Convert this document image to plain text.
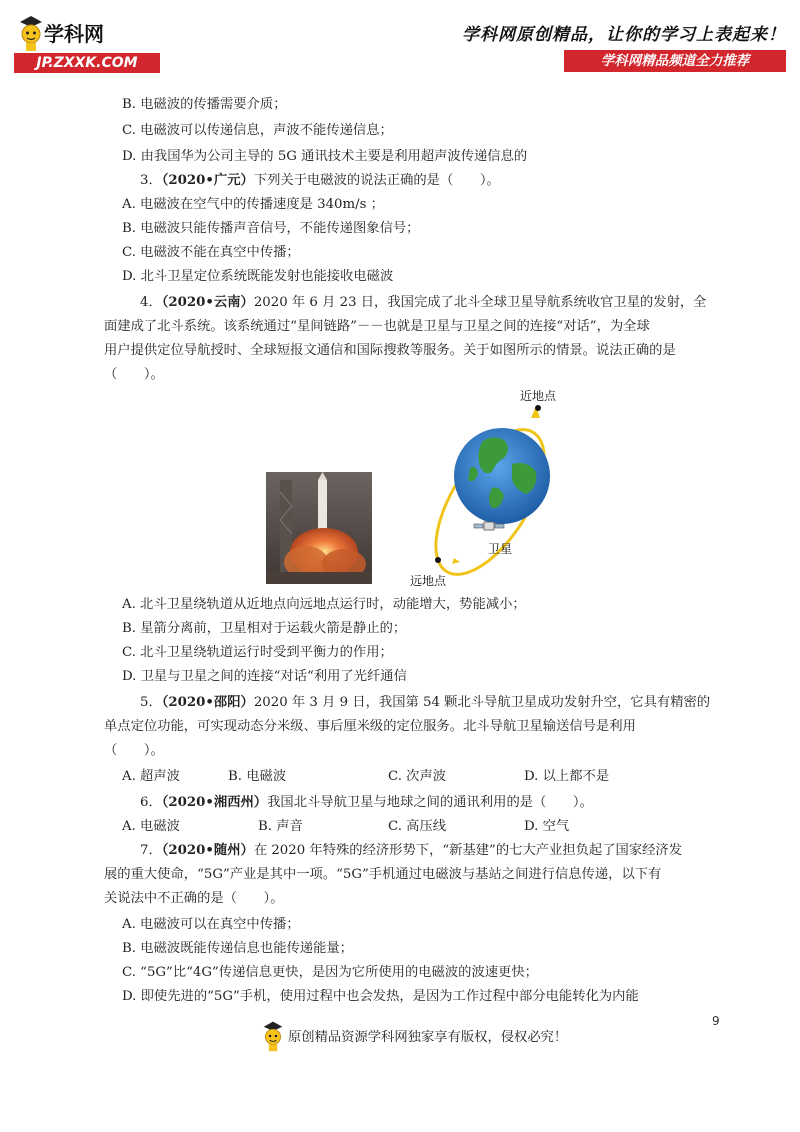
学科网
JP.ZXXK.COM
学科网原创精品，让你的学习上表起来！
学科网精品频道全力推荐
B. 电磁波的传播需要介质；
C. 电磁波可以传递信息，声波不能传递信息；
D. 由我国华为公司主导的 5G 通讯技术主要是利用超声波传递信息的
3．（2020•广元）下列关于电磁波的说法正确的是（　　）。
A. 电磁波在空气中的传播速度是 340m/s ；
B. 电磁波只能传播声音信号，不能传递图象信号；
C. 电磁波不能在真空中传播；
D. 北斗卫星定位系统既能发射也能接收电磁波
4．（2020•云南）2020 年 6 月 23 日，我国完成了北斗全球卫星导航系统收官卫星的发射，全
面建成了北斗系统。该系统通过“星间链路”－－也就是卫星与卫星之间的连接“对话”，为全球
用户提供定位导航授时、全球短报文通信和国际搜救等服务。关于如图所示的情景。说法正确的是
（　　）。
近地点
远地点
卫星
A. 北斗卫星绕轨道从近地点向远地点运行时，动能增大，势能减小；
B. 星箭分离前，卫星相对于运载火箭是静止的；
C. 北斗卫星绕轨道运行时受到平衡力的作用；
D. 卫星与卫星之间的连接“对话“利用了光纤通信
5．（2020•邵阳）2020 年 3 月 9 日，我国第 54 颗北斗导航卫星成功发射升空，它具有精密的
单点定位功能，可实现动态分米级、事后厘米级的定位服务。北斗导航卫星输送信号是利用
（　　）。
A. 超声波	B. 电磁波	C. 次声波	D. 以上都不是
6．（2020•湘西州）我国北斗导航卫星与地球之间的通讯利用的是（　　）。
A. 电磁波	B. 声音	C. 高压线	D. 空气
7．（2020•随州）在 2020 年特殊的经济形势下，“新基建”的七大产业担负起了国家经济发
展的重大使命，“5G”产业是其中一项。“5G”手机通过电磁波与基站之间进行信息传递，以下有
关说法中不正确的是（　　）。
A. 电磁波可以在真空中传播；
B. 电磁波既能传递信息也能传递能量；
C. “5G”比“4G”传递信息更快，是因为它所使用的电磁波的波速更快；
D. 即使先进的“5G”手机，使用过程中也会发热，是因为工作过程中部分电能转化为内能
9
原创精品资源学科网独家享有版权，侵权必究！
